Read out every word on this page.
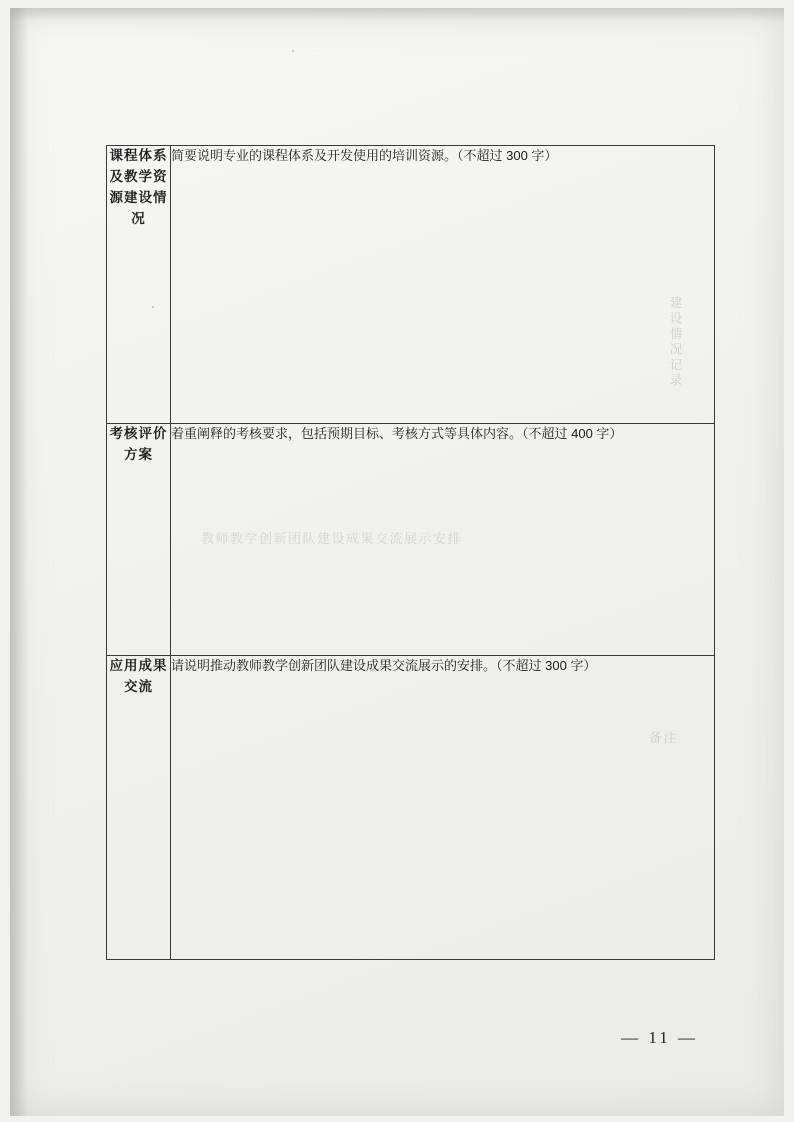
课程体系及教学资源建设情况	简要说明专业的课程体系及开发使用的培训资源。（不超过 300 字）
建设情况记录

考核评价方案	着重阐释的考核要求，包括预期目标、考核方式等具体内容。（不超过 400 字）
教师教学创新团队建设成果交流展示安排

应用成果交流	请说明推动教师教学创新团队建设成果交流展示的安排。（不超过 300 字）
备注
— 11 —
